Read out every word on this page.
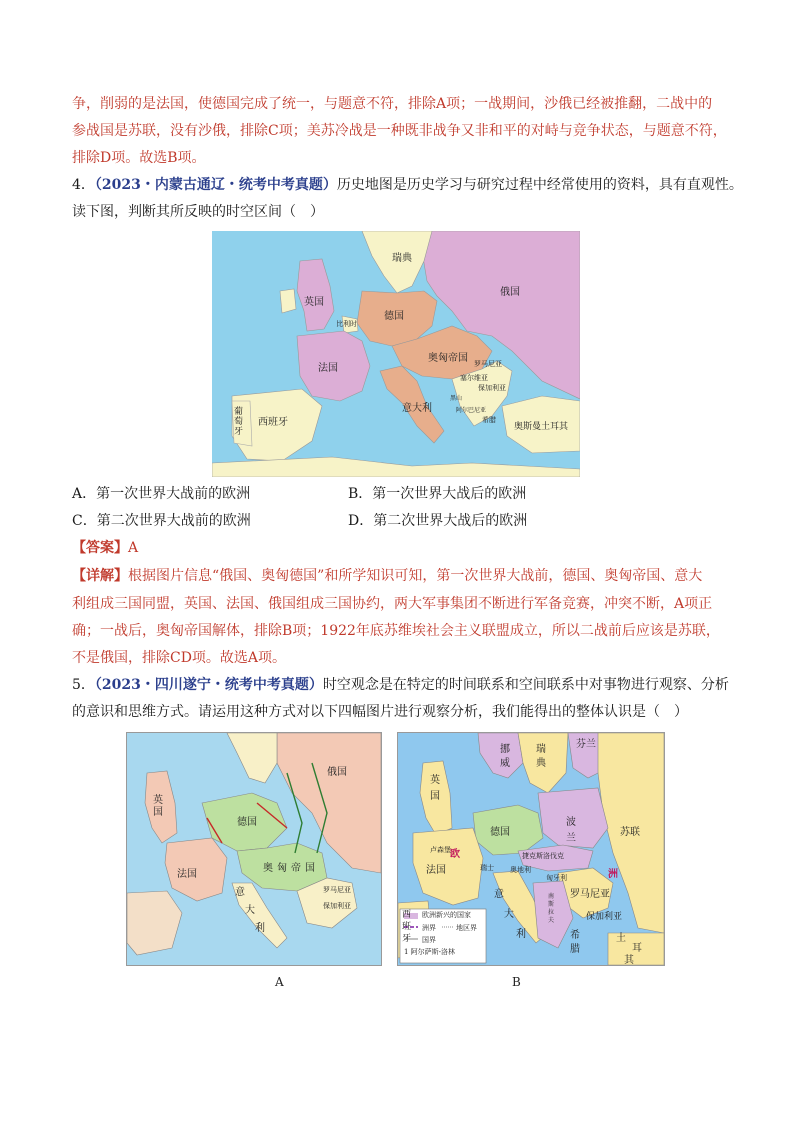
争，削弱的是法国，使德国完成了统一，与题意不符，排除A项；一战期间，沙俄已经被推翻，二战中的
参战国是苏联，没有沙俄，排除C项；美苏冷战是一种既非战争又非和平的对峙与竞争状态，与题意不符，
排除D项。故选B项。
4．（2023・内蒙古通辽・统考中考真题）历史地图是历史学习与研究过程中经常使用的资料，具有直观性。
读下图，判断其所反映的时空区间（　）
瑞典
俄国
英国
德国
比利时
法国
奥匈帝国 罗马尼亚
塞尔维亚
保加利亚
黑山
阿尔巴尼亚
希腊
意大利
西班牙
葡萄牙	奥斯曼土耳其
A．第一次世界大战前的欧洲	B．第一次世界大战后的欧洲
C．第二次世界大战前的欧洲	D．第二次世界大战后的欧洲
【答案】A
【详解】根据图片信息“俄国、奥匈德国”和所学知识可知，第一次世界大战前，德国、奥匈帝国、意大
利组成三国同盟，英国、法国、俄国组成三国协约，两大军事集团不断进行军备竞赛，冲突不断，A项正
确；一战后，奥匈帝国解体，排除B项；1922年底苏维埃社会主义联盟成立，所以二战前后应该是苏联，
不是俄国，排除CD项。故选A项。
5．（2023・四川遂宁・统考中考真题）时空观念是在特定的时间联系和空间联系中对事物进行观察、分析
的意识和思维方式。请运用这种方式对以下四幅图片进行观察分析，我们能得出的整体认识是（　）
俄国
英国
德国
法国
奥 匈 帝 国
意
大
利
罗马尼亚
保加利亚
A
挪威
瑞典
芬兰
英国
德国
波兰
苏联
法国
欧
洲
卢森堡
瑞士
捷克斯洛伐克
奥地利
匈牙利
罗马尼亚
意
大
利
西班牙
保加利亚
南斯拉夫
希腊
土
耳
其
欧洲新兴的国家
洲界	地区界
国界
1 阿尔萨斯-洛林
B
